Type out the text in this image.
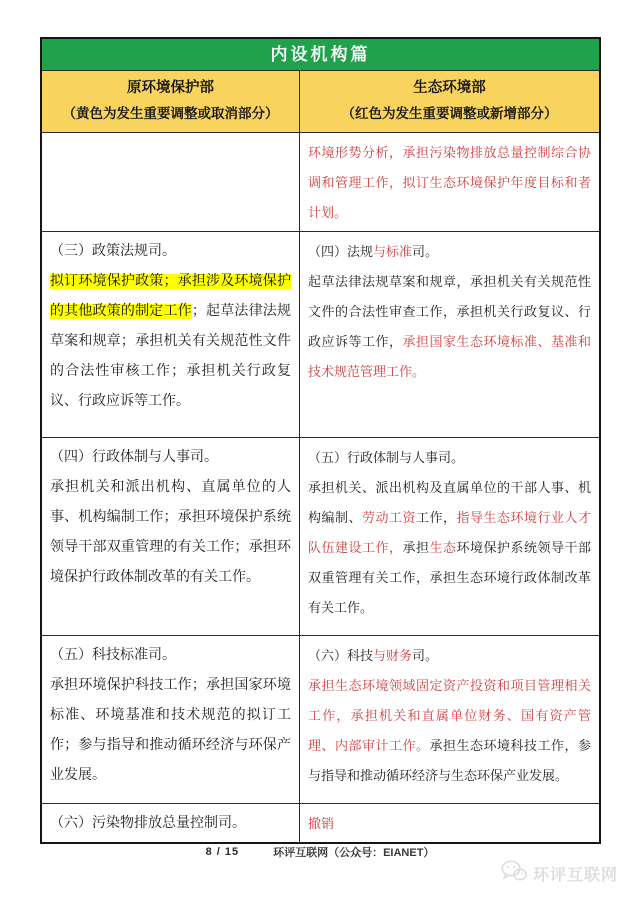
内设机构篇
原环境保护部
（黄色为发生重要调整或取消部分）
生态环境部
（红色为发生重要调整或新增部分）

环境形势分析，承担污染物排放总量控制综合协调和管理工作，拟订生态环境保护年度目标和者计划。

（三）政策法规司。

拟订环境保护政策；承担涉及环境保护的其他政策的制定工作；起草法律法规草案和规章；承担机关有关规范性文件的合法性审核工作；承担机关行政复议、行政应诉等工作。

（四）法规与标准司。

起草法律法规草案和规章，承担机关有关规范性文件的合法性审查工作，承担机关行政复议、行政应诉等工作，承担国家生态环境标准、基准和技术规范管理工作。

（四）行政体制与人事司。

承担机关和派出机构、直属单位的人事、机构编制工作；承担环境保护系统领导干部双重管理的有关工作；承担环境保护行政体制改革的有关工作。

（五）行政体制与人事司。

承担机关、派出机构及直属单位的干部人事、机构编制、劳动工资工作，指导生态环境行业人才队伍建设工作，承担生态环境保护系统领导干部双重管理有关工作，承担生态环境行政体制改革有关工作。

（五）科技标准司。

承担环境保护科技工作；承担国家环境标准、环境基准和技术规范的拟订工作；参与指导和推动循环经济与环保产业发展。

（六）科技与财务司。

承担生态环境领域固定资产投资和项目管理相关工作，承担机关和直属单位财务、国有资产管理、内部审计工作。承担生态环境科技工作，参与指导和推动循环经济与生态环保产业发展。

（六）污染物排放总量控制司。	撤销

8 / 15	环评互联网（公众号：EIANET）
环评互联网
